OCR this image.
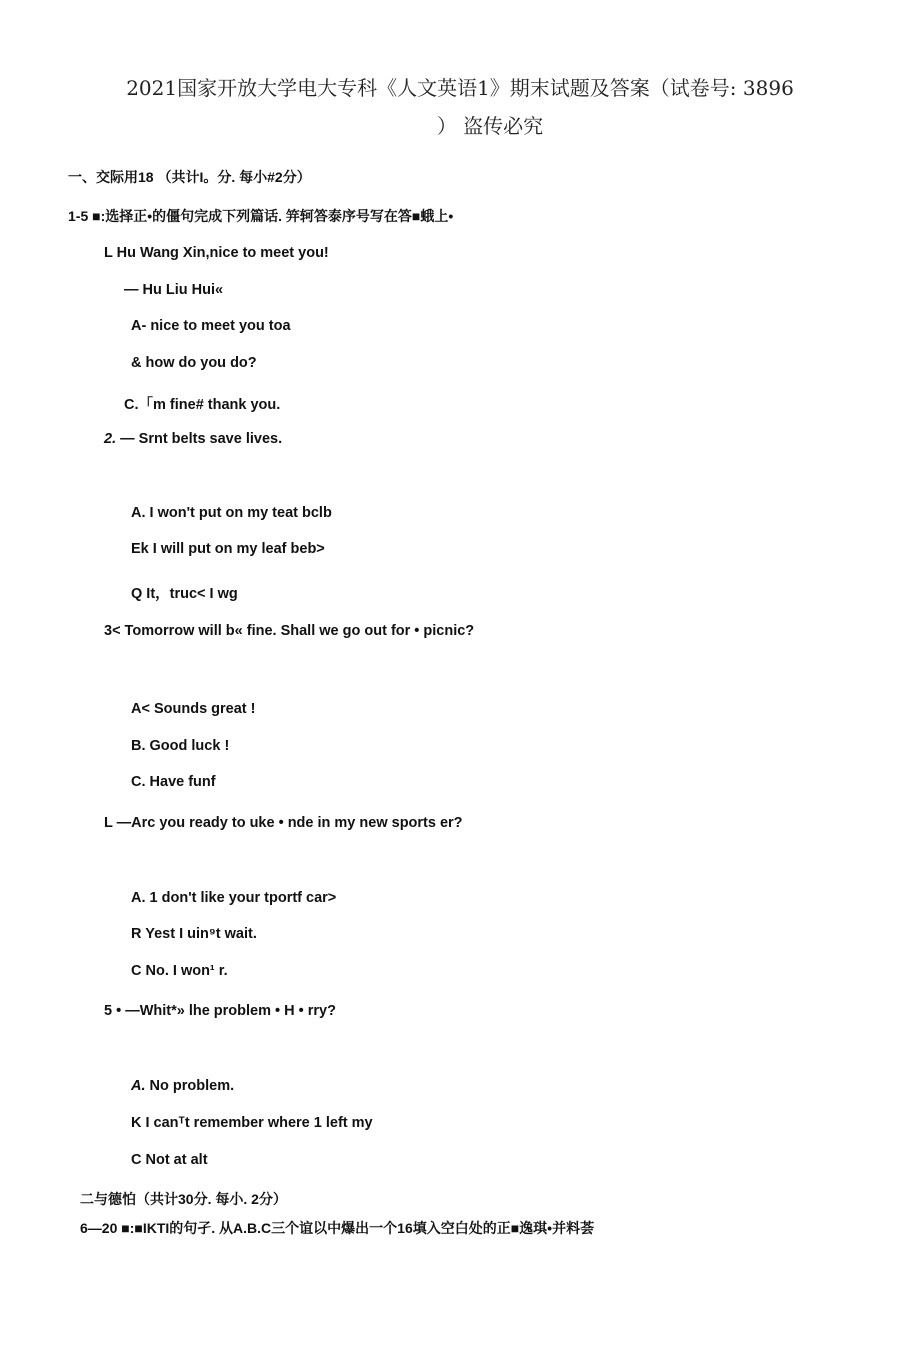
2021国家开放大学电大专科《人文英语1》期末试题及答案（试卷号: 3896
） 盗传必究
一、交际用18 （共计I。分. 每小#2分）
1-5 ■:选择正•的僵句完成下列篇话. 笄轲答泰序号写在答■蛾上•
L Hu Wang Xin,nice to meet you!
— Hu Liu Hui«
A- nice to meet you toa
& how do you do?
C.「m fine# thank you.
2. — Srnt belts save lives.
A. I won't put on my teat bclb
Ek I will put on my leaf beb>
Q It，truc< I wg
3< Tomorrow will b« fine. Shall we go out for • picnic?
A< Sounds great !
B. Good luck !
C. Have funf
L —Arc you ready to uke • nde in my new sports er?
A. 1 don't like your tportf car>
R Yest I uin⁹t wait.
C No. I won¹ r.
5 • —Whit*» lhe problem • H • rry?
A. No problem.
K I canᵀt remember where 1 left my
C Not at alt
二与德怕（共计30分. 每小. 2分）
6—20 ■:■IKTI的句孑. 从A.B.C三个谊以中爆出一个16填入空白处的正■逸琪•并料荟
